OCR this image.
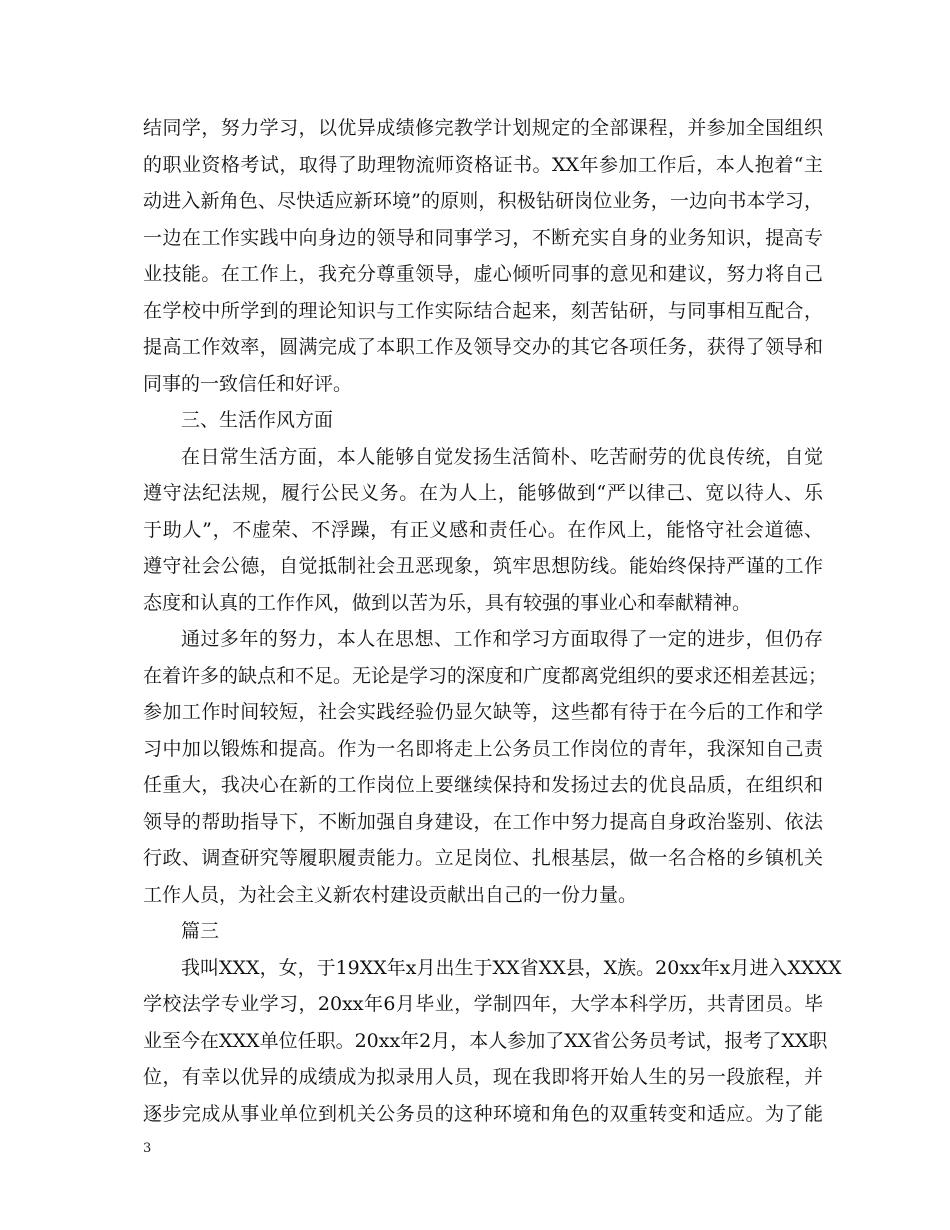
结同学，努力学习，以优异成绩修完教学计划规定的全部课程，并参加全国组织
的职业资格考试，取得了助理物流师资格证书。XX年参加工作后，本人抱着“主
动进入新角色、尽快适应新环境”的原则，积极钻研岗位业务，一边向书本学习，
一边在工作实践中向身边的领导和同事学习，不断充实自身的业务知识，提高专
业技能。在工作上，我充分尊重领导，虚心倾听同事的意见和建议，努力将自己
在学校中所学到的理论知识与工作实际结合起来，刻苦钻研，与同事相互配合，
提高工作效率，圆满完成了本职工作及领导交办的其它各项任务，获得了领导和
同事的一致信任和好评。
三、生活作风方面
在日常生活方面，本人能够自觉发扬生活简朴、吃苦耐劳的优良传统，自觉
遵守法纪法规，履行公民义务。在为人上，能够做到“严以律己、宽以待人、乐
于助人”，不虚荣、不浮躁，有正义感和责任心。在作风上，能恪守社会道德、
遵守社会公德，自觉抵制社会丑恶现象，筑牢思想防线。能始终保持严谨的工作
态度和认真的工作作风，做到以苦为乐，具有较强的事业心和奉献精神。
通过多年的努力，本人在思想、工作和学习方面取得了一定的进步，但仍存
在着许多的缺点和不足。无论是学习的深度和广度都离党组织的要求还相差甚远；
参加工作时间较短，社会实践经验仍显欠缺等，这些都有待于在今后的工作和学
习中加以锻炼和提高。作为一名即将走上公务员工作岗位的青年，我深知自己责
任重大，我决心在新的工作岗位上要继续保持和发扬过去的优良品质，在组织和
领导的帮助指导下，不断加强自身建设，在工作中努力提高自身政治鉴别、依法
行政、调查研究等履职履责能力。立足岗位、扎根基层，做一名合格的乡镇机关
工作人员，为社会主义新农村建设贡献出自己的一份力量。
篇三
我叫XXX，女，于19XX年x月出生于XX省XX县，X族。20xx年x月进入XXXX
学校法学专业学习，20xx年6月毕业，学制四年，大学本科学历，共青团员。毕
业至今在XXX单位任职。20xx年2月，本人参加了XX省公务员考试，报考了XX职
位，有幸以优异的成绩成为拟录用人员，现在我即将开始人生的另一段旅程，并
逐步完成从事业单位到机关公务员的这种环境和角色的双重转变和适应。为了能
3
